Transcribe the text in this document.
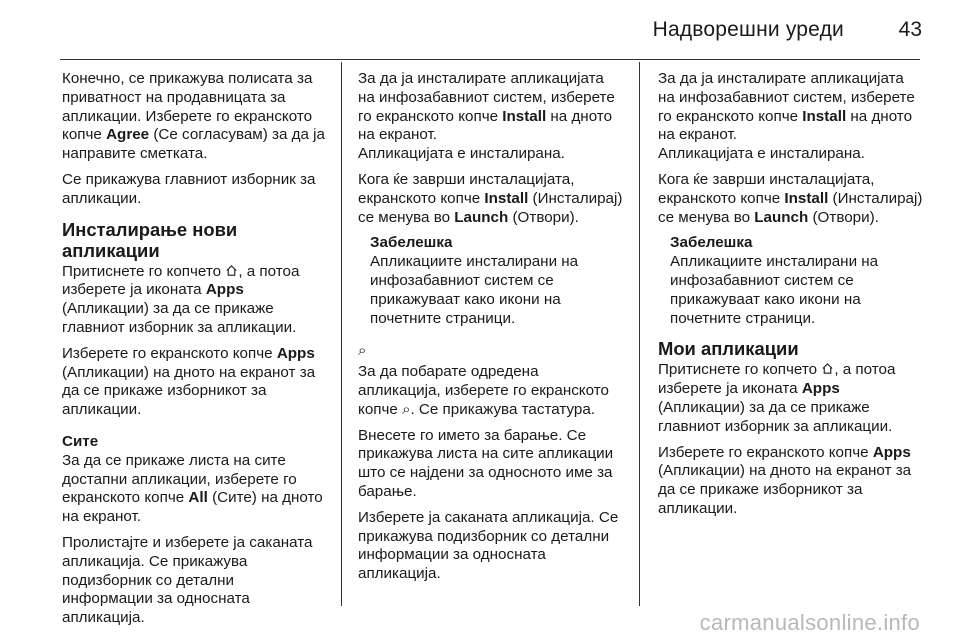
Надворешни уреди	43

Конечно, се прикажува полисата за приватност на продавницата за апликации. Изберете го екранското копче Agree (Се согласувам) за да ја направите сметката.

Се прикажува главниот изборник за апликации.

Инсталирање нови апликации

Притиснете го копчето , а потоа изберете ја иконата Apps (Апликации) за да се прикаже главниот изборник за апликации.

Изберете го екранското копче Apps (Апликации) на дното на екранот за да се прикаже изборникот за апликации.

Сите

За да се прикаже листа на сите достапни апликации, изберете го екранското копче All (Сите) на дното на екранот.

Пролистајте и изберете ја саканата апликација. Се прикажува подизборник со детални информации за односната апликација.

За да ја инсталирате апликацијата на инфозабавниот систем, изберете го екранското копче Install на дното на екранот.
Апликацијата е инсталирана.

Кога ќе заврши инсталацијата, екранското копче Install (Инсталирај) се менува во Launch (Отвори).

Забелешка
Апликациите инсталирани на инфозабавниот систем се прикажуваат како икони на почетните страници.

⌕

За да побарате одредена апликација, изберете го екранското копче ⌕. Се прикажува тастатура.

Внесете го името за барање. Се прикажува листа на сите апликации што се најдени за односното име за барање.

Изберете ја саканата апликација. Се прикажува подизборник со детални информации за односната апликација.

За да ја инсталирате апликацијата на инфозабавниот систем, изберете го екранското копче Install на дното на екранот.
Апликацијата е инсталирана.

Кога ќе заврши инсталацијата, екранското копче Install (Инсталирај) се менува во Launch (Отвори).

Забелешка
Апликациите инсталирани на инфозабавниот систем се прикажуваат како икони на почетните страници.
Мои апликации

Притиснете го копчето , а потоа изберете ја иконата Apps (Апликации) за да се прикаже главниот изборник за апликации.

Изберете го екранското копче Apps (Апликации) на дното на екранот за да се прикаже изборникот за апликации.

carmanualsonline.info
